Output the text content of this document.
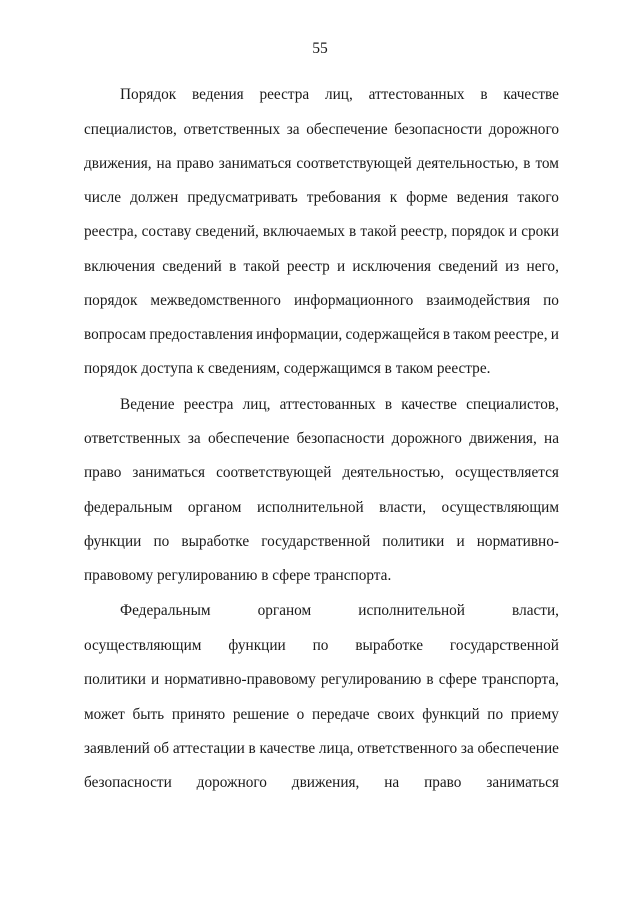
55
Порядок ведения реестра лиц, аттестованных в качестве
специалистов, ответственных за обеспечение безопасности дорожного
движения, на право заниматься соответствующей деятельностью, в том
числе должен предусматривать требования к форме ведения такого
реестра, составу сведений, включаемых в такой реестр, порядок и сроки
включения сведений в такой реестр и исключения сведений из него,
порядок межведомственного информационного взаимодействия по
вопросам предоставления информации, содержащейся в таком реестре, и
порядок доступа к сведениям, содержащимся в таком реестре.
Ведение реестра лиц, аттестованных в качестве специалистов,
ответственных за обеспечение безопасности дорожного движения, на
право заниматься соответствующей деятельностью, осуществляется
федеральным органом исполнительной власти, осуществляющим
функции по выработке государственной политики и нормативно-
правовому регулированию в сфере транспорта.
Федеральным	органом	исполнительной	власти,
осуществляющим функции по выработке государственной
политики и нормативно-правовому регулированию в сфере транспорта,
может быть принято решение о передаче своих функций по приему
заявлений об аттестации в качестве лица, ответственного за обеспечение
безопасности дорожного движения, на право заниматься
